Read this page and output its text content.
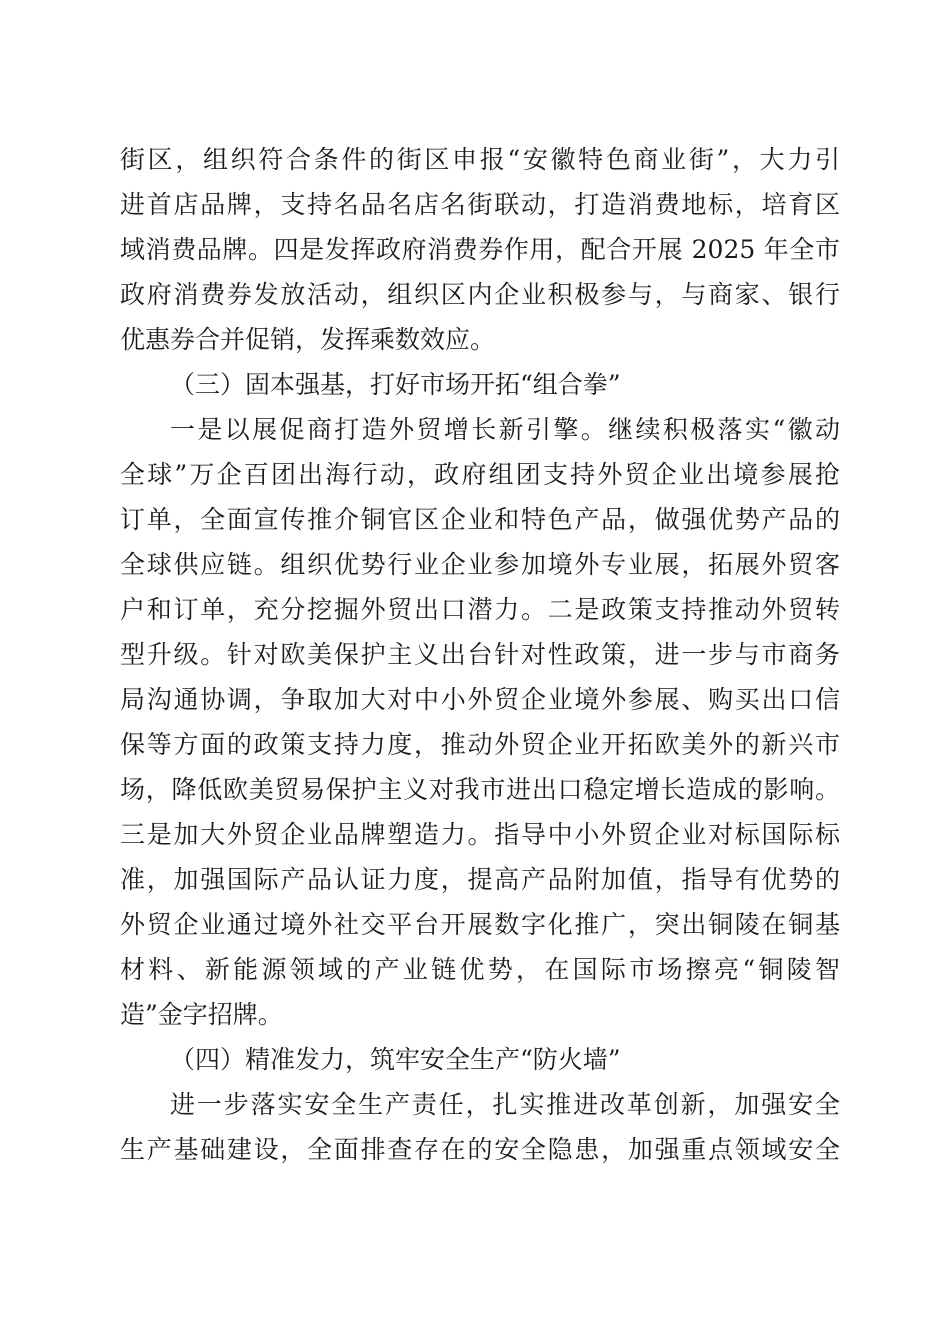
街区，组织符合条件的街区申报“安徽特色商业街”，大力引
进首店品牌，支持名品名店名街联动，打造消费地标，培育区
域消费品牌。四是发挥政府消费券作用，配合开展 2025 年全市
政府消费券发放活动，组织区内企业积极参与，与商家、银行
优惠券合并促销，发挥乘数效应。
（三）固本强基，打好市场开拓“组合拳”
一是以展促商打造外贸增长新引擎。继续积极落实“徽动
全球”万企百团出海行动，政府组团支持外贸企业出境参展抢
订单，全面宣传推介铜官区企业和特色产品，做强优势产品的
全球供应链。组织优势行业企业参加境外专业展，拓展外贸客
户和订单，充分挖掘外贸出口潜力。二是政策支持推动外贸转
型升级。针对欧美保护主义出台针对性政策，进一步与市商务
局沟通协调，争取加大对中小外贸企业境外参展、购买出口信
保等方面的政策支持力度，推动外贸企业开拓欧美外的新兴市
场，降低欧美贸易保护主义对我市进出口稳定增长造成的影响。
三是加大外贸企业品牌塑造力。指导中小外贸企业对标国际标
准，加强国际产品认证力度，提高产品附加值，指导有优势的
外贸企业通过境外社交平台开展数字化推广，突出铜陵在铜基
材料、新能源领域的产业链优势，在国际市场擦亮“铜陵智
造”金字招牌。
（四）精准发力，筑牢安全生产“防火墙”
进一步落实安全生产责任，扎实推进改革创新，加强安全
生产基础建设，全面排查存在的安全隐患，加强重点领域安全
